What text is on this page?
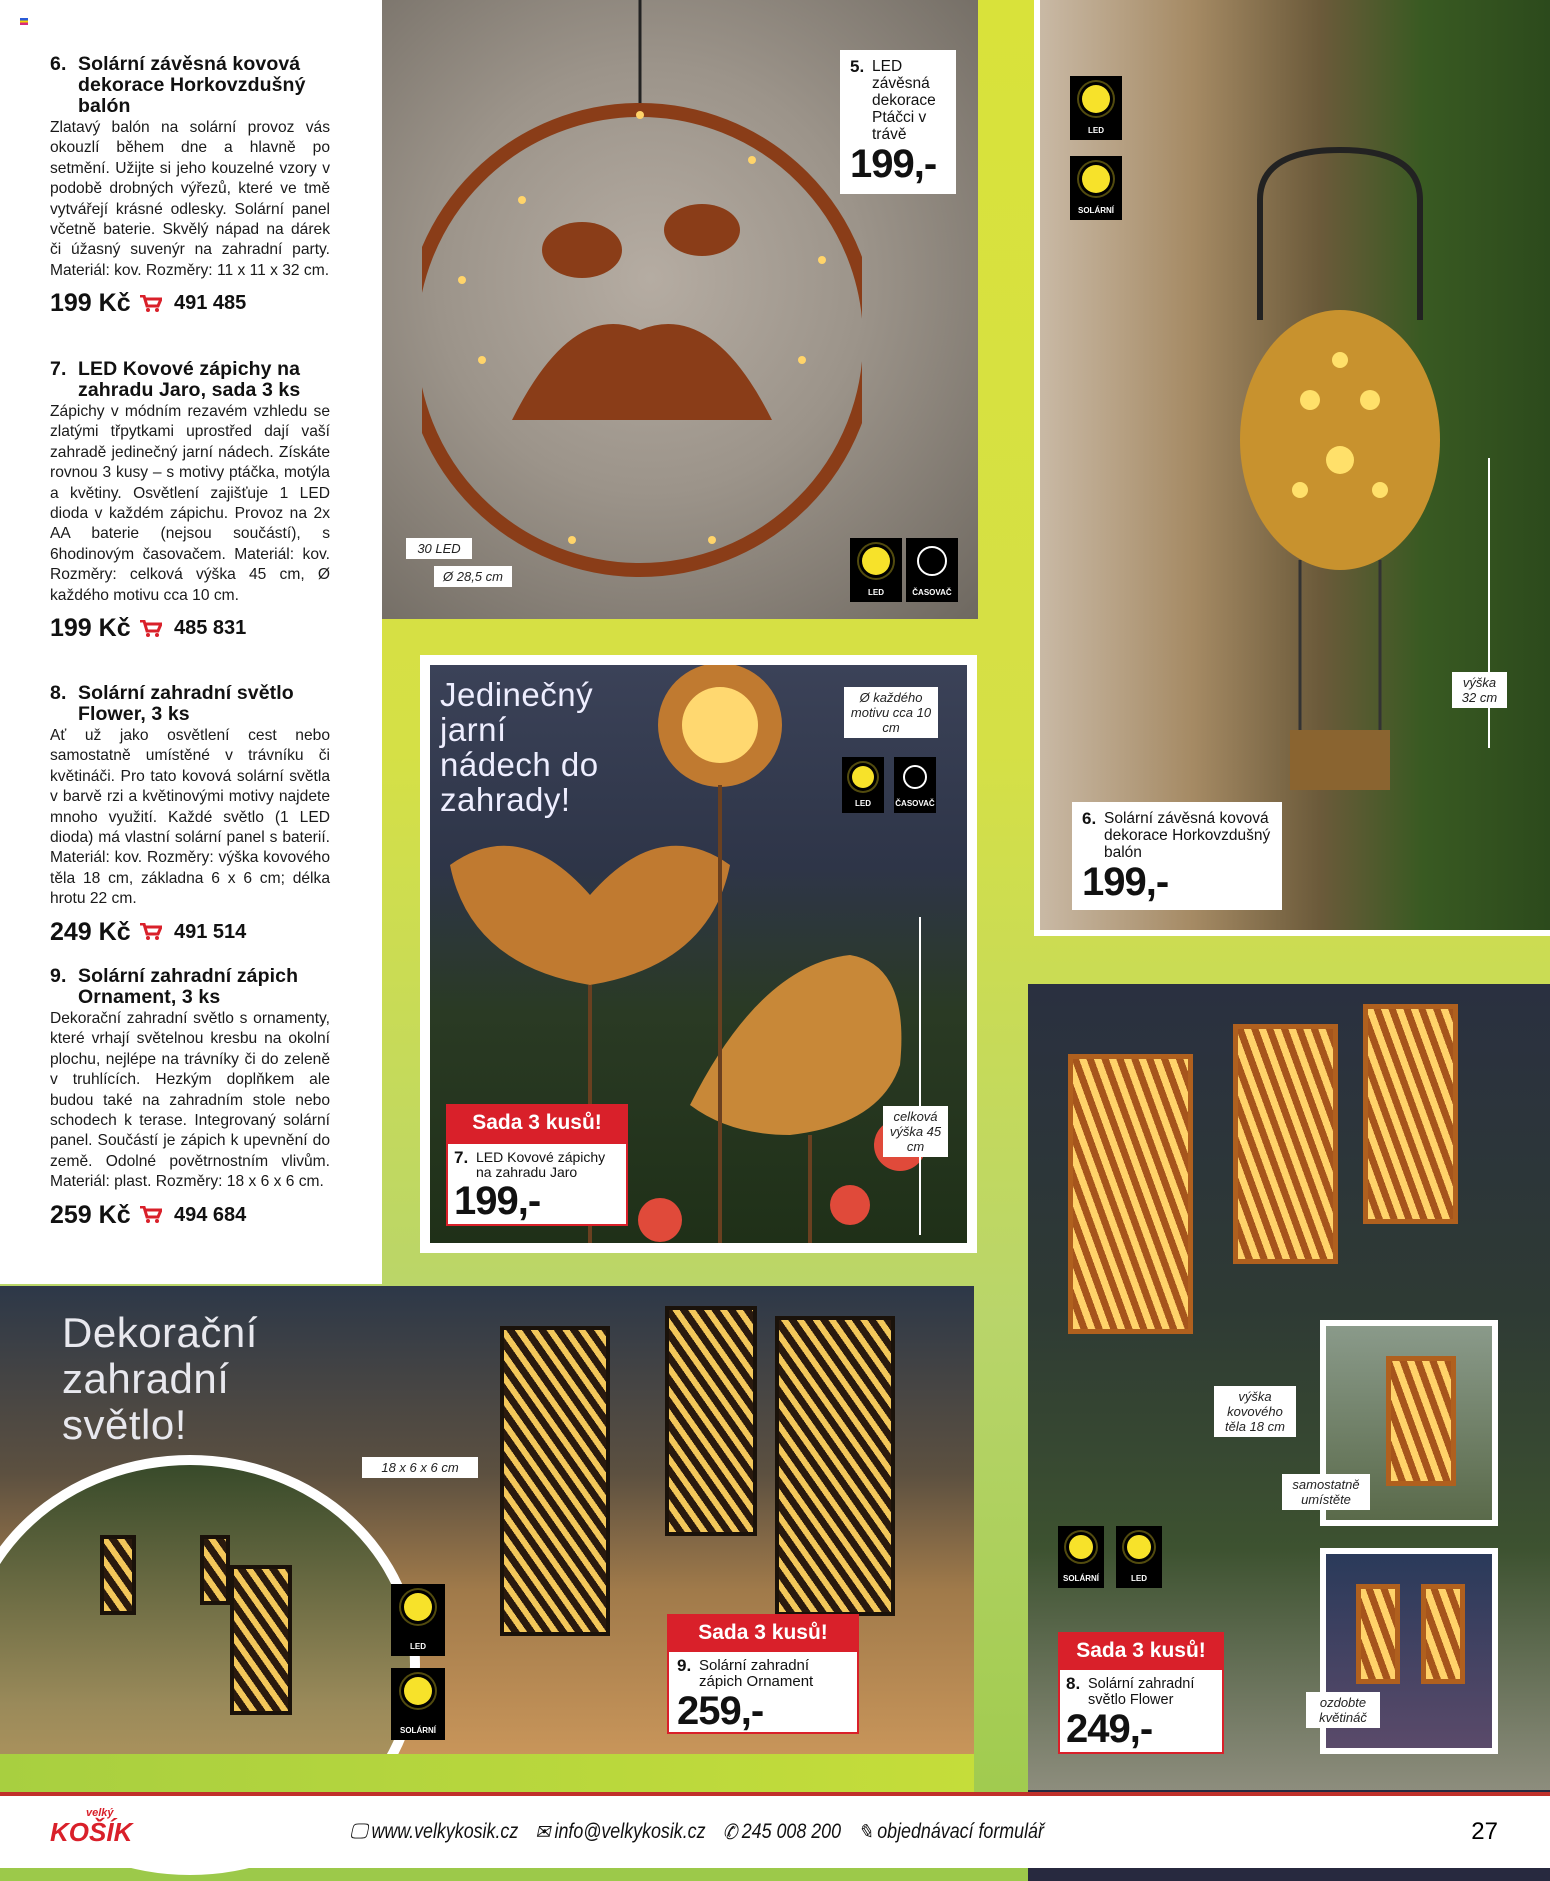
6. Solární závěsná kovová dekorace Horkovzdušný balón

Zlatavý balón na solární provoz vás okouzlí během dne a hlavně po setmění. Užijte si jeho kouzelné vzory v podobě drobných výřezů, které ve tmě vytvářejí krásné odlesky. Solární panel včetně baterie. Skvělý nápad na dárek či úžasný suvenýr na zahradní party. Materiál: kov. Rozměry: 11 x 11 x 32 cm.

199 Kč	491 485
7. LED Kovové zápichy na zahradu Jaro, sada 3 ks

Zápichy v módním rezavém vzhledu se zlatými třpytkami uprostřed dají vaší zahradě jedinečný jarní nádech. Získáte rovnou 3 kusy – s motivy ptáčka, motýla a květiny. Osvětlení zajišťuje 1 LED dioda v každém zápichu. Provoz na 2x AA baterie (nejsou součástí), s 6hodinovým časovačem. Materiál: kov. Rozměry: celková výška 45 cm, Ø každého motivu cca 10 cm.

199 Kč	485 831
8. Solární zahradní světlo Flower, 3 ks

Ať už jako osvětlení cest nebo samostatně umístěné v trávníku či květináči. Pro tato kovová solární světla v barvě rzi a květinovými motivy najdete mnoho využití. Každé světlo (1 LED dioda) má vlastní solární panel s baterií. Materiál: kov. Rozměry: výška kovového těla 18 cm, základna 6 x 6 cm; délka hrotu 22 cm.

249 Kč	491 514
9. Solární zahradní zápich Ornament, 3 ks

Dekorační zahradní světlo s ornamenty, které vrhají světelnou kresbu na okolní plochu, nejlépe na trávníky či do zeleně v truhlících. Hezkým doplňkem ale budou také na zahradním stole nebo schodech k terase. Integrovaný solární panel. Součástí je zápich k upevnění do země. Odolné povětrnostním vlivům. Materiál: plast. Rozměry: 18 x 6 x 6 cm.

259 Kč	494 684
30 LED
Ø 28,5 cm
LED	ČASOVAČ
5. LED závěsná dekorace Ptáčci v trávě
199,-
LED
SOLÁRNÍ
výška 32 cm
6. Solární závěsná kovová dekorace Horkovzdušný balón
199,-
Jedinečný jarní nádech do zahrady!
Ø každého motivu cca 10 cm
LED	ČASOVAČ
celková výška 45 cm
Sada 3 kusů!
7. LED Kovové zápichy na zahradu Jaro
199,-
výška kovového těla 18 cm
samostatně umístěte
ozdobte květináč
SOLÁRNÍ	LED
Sada 3 kusů!
8. Solární zahradní světlo Flower
249,-
Dekorační zahradní světlo!
18 x 6 x 6 cm
LED
SOLÁRNÍ
Sada 3 kusů!
9. Solární zahradní zápich Ornament
259,-
velký
KOŠÍK	🖵 www.velkykosik.cz ✉ info@velkykosik.cz ✆ 245 008 200 ✎ objednávací formulář	27
